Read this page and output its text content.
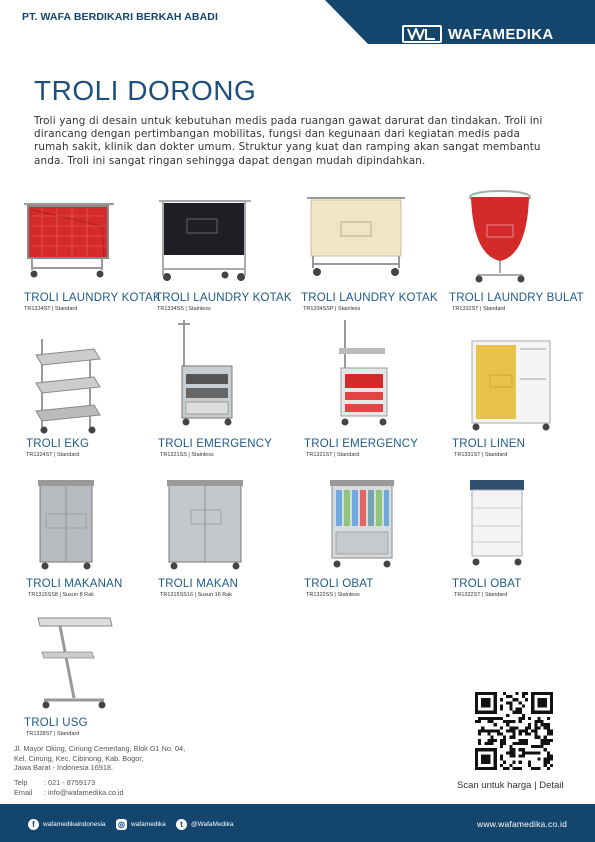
PT. WAFA BERDIKARI BERKAH ABADI
WAFAMEDIKA
TROLI DORONG
Troli yang di desain untuk kebutuhan medis pada ruangan gawat darurat dan tindakan. Troli ini
dirancang dengan pertimbangan mobilitas, fungsi dan kegunaan dari kegiatan medis pada
rumah sakit, klinik dan dokter umum. Struktur yang kuat dan ramping akan sangat membantu
anda. Troli ini sangat ringan sehingga dapat dengan mudah dipindahkan.
TROLI LAUNDRY KOTAK
TR1334ST | Standard
TROLI LAUNDRY KOTAK
TR1334SS | Stainless
TROLI LAUNDRY KOTAK
TR1334SSP | Stainless
TROLI LAUNDRY BULAT
TR1332ST | Standard
TROLI EKG
TR1324ST | Standard
TROLI EMERGENCY
TR1321SS | Stainless
TROLI EMERGENCY
TR1321ST | Standard
TROLI LINEN
TR1331ST | Standard
TROLI MAKANAN
TR1315SS8 | Susun 8 Rak
TROLI MAKAN
TR1315SS16 | Susun 16 Rak
TROLI OBAT
TR1322SS | Stainless
TROLI OBAT
TR1322ST | Standard
TROLI USG
TR1328ST | Standard
Jl. Mayor Oking, Ciriung Cemerlang, Blok G1 No. 04,
Kel. Ciriung, Kec. Cibinong, Kab. Bogor,
Jawa Barat - Indonesia 16918.
Telp : 021 - 8759173
Email : info@wafamedika.co.id
Scan untuk harga | Detail
f	wafamedikaindonesia ◎ wafamedika	t	@WafaMedika	www.wafamedika.co.id
